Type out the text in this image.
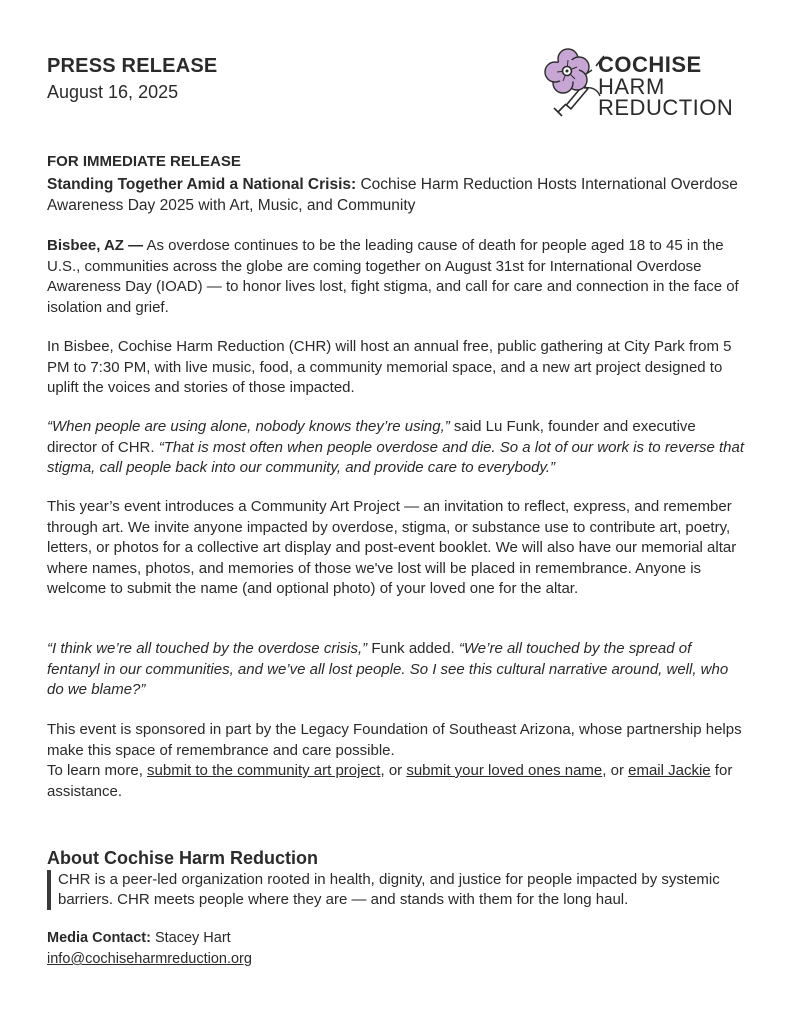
PRESS RELEASE
August 16, 2025
COCHISE
HARM
REDUCTION
FOR IMMEDIATE RELEASE
Standing Together Amid a National Crisis: Cochise Harm Reduction Hosts International Overdose Awareness Day 2025 with Art, Music, and Community
Bisbee, AZ — As overdose continues to be the leading cause of death for people aged 18 to 45 in the U.S., communities across the globe are coming together on August 31st for International Overdose Awareness Day (IOAD) — to honor lives lost, fight stigma, and call for care and connection in the face of isolation and grief.
In Bisbee, Cochise Harm Reduction (CHR) will host an annual free, public gathering at City Park from 5 PM to 7:30 PM, with live music, food, a community memorial space, and a new art project designed to uplift the voices and stories of those impacted.
“When people are using alone, nobody knows they’re using,” said Lu Funk, founder and executive director of CHR. “That is most often when people overdose and die. So a lot of our work is to reverse that stigma, call people back into our community, and provide care to everybody.”
This year’s event introduces a Community Art Project — an invitation to reflect, express, and remember through art. We invite anyone impacted by overdose, stigma, or substance use to contribute art, poetry, letters, or photos for a collective art display and post-event booklet. We will also have our memorial altar where names, photos, and memories of those we've lost will be placed in remembrance. Anyone is welcome to submit the name (and optional photo) of your loved one for the altar.
“I think we’re all touched by the overdose crisis,” Funk added. “We’re all touched by the spread of fentanyl in our communities, and we’ve all lost people. So I see this cultural narrative around, well, who do we blame?”
This event is sponsored in part by the Legacy Foundation of Southeast Arizona, whose partnership helps make this space of remembrance and care possible.
To learn more, submit to the community art project, or submit your loved ones name, or email Jackie for assistance.
About Cochise Harm Reduction
CHR is a peer-led organization rooted in health, dignity, and justice for people impacted by systemic barriers. CHR meets people where they are — and stands with them for the long haul.
Media Contact: Stacey Hart
info@cochiseharmreduction.org
